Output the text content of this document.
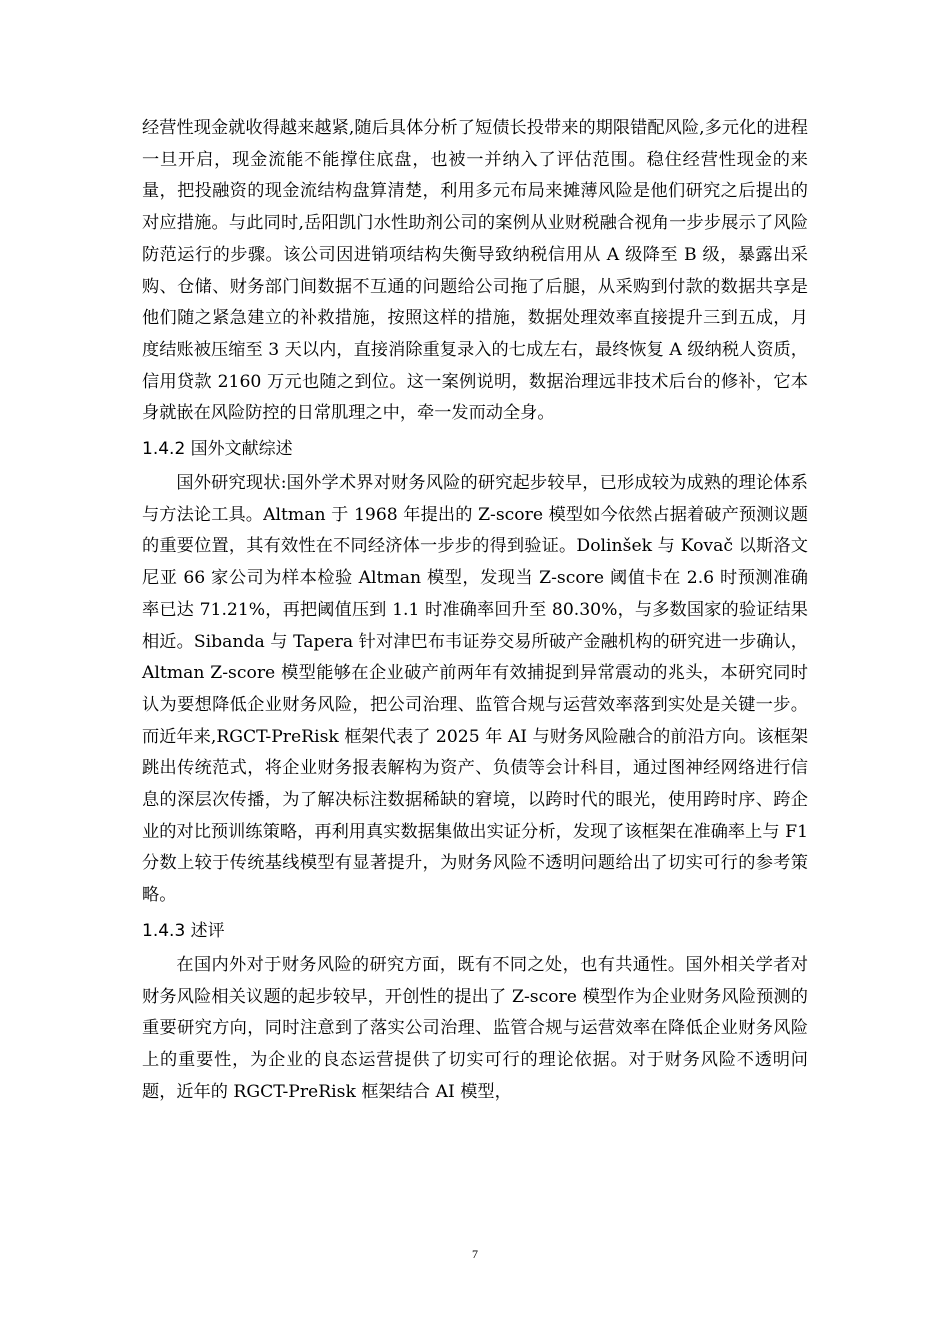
经营性现金就收得越来越紧,随后具体分析了短债长投带来的期限错配风险,多元化的进程一旦开启，现金流能不能撑住底盘，也被一并纳入了评估范围。稳住经营性现金的来量，把投融资的现金流结构盘算清楚，利用多元布局来摊薄风险是他们研究之后提出的对应措施。与此同时,岳阳凯门水性助剂公司的案例从业财税融合视角一步步展示了风险防范运行的步骤。该公司因进销项结构失衡导致纳税信用从 A 级降至 B 级，暴露出采购、仓储、财务部门间数据不互通的问题给公司拖了后腿，从采购到付款的数据共享是他们随之紧急建立的补救措施，按照这样的措施，数据处理效率直接提升三到五成，月度结账被压缩至 3 天以内，直接消除重复录入的七成左右，最终恢复 A 级纳税人资质，信用贷款 2160 万元也随之到位。这一案例说明，数据治理远非技术后台的修补，它本身就嵌在风险防控的日常肌理之中，牵一发而动全身。

1.4.2 国外文献综述

国外研究现状:国外学术界对财务风险的研究起步较早，已形成较为成熟的理论体系与方法论工具。Altman 于 1968 年提出的 Z-score 模型如今依然占据着破产预测议题的重要位置，其有效性在不同经济体一步步的得到验证。Dolinšek 与 Kovač 以斯洛文尼亚 66 家公司为样本检验 Altman 模型，发现当 Z-score 阈值卡在 2.6 时预测准确率已达 71.21%，再把阈值压到 1.1 时准确率回升至 80.30%，与多数国家的验证结果相近。Sibanda 与 Tapera 针对津巴布韦证券交易所破产金融机构的研究进一步确认，Altman Z-score 模型能够在企业破产前两年有效捕捉到异常震动的兆头，本研究同时认为要想降低企业财务风险，把公司治理、监管合规与运营效率落到实处是关键一步。而近年来,RGCT-PreRisk 框架代表了 2025 年 AI 与财务风险融合的前沿方向。该框架跳出传统范式，将企业财务报表解构为资产、负债等会计科目，通过图神经网络进行信息的深层次传播，为了解决标注数据稀缺的窘境，以跨时代的眼光，使用跨时序、跨企业的对比预训练策略，再利用真实数据集做出实证分析，发现了该框架在准确率上与 F1 分数上较于传统基线模型有显著提升，为财务风险不透明问题给出了切实可行的参考策略。

1.4.3 述评

在国内外对于财务风险的研究方面，既有不同之处，也有共通性。国外相关学者对财务风险相关议题的起步较早，开创性的提出了 Z-score 模型作为企业财务风险预测的重要研究方向，同时注意到了落实公司治理、监管合规与运营效率在降低企业财务风险上的重要性，为企业的良态运营提供了切实可行的理论依据。对于财务风险不透明问题，近年的 RGCT-PreRisk 框架结合 AI 模型，

7
